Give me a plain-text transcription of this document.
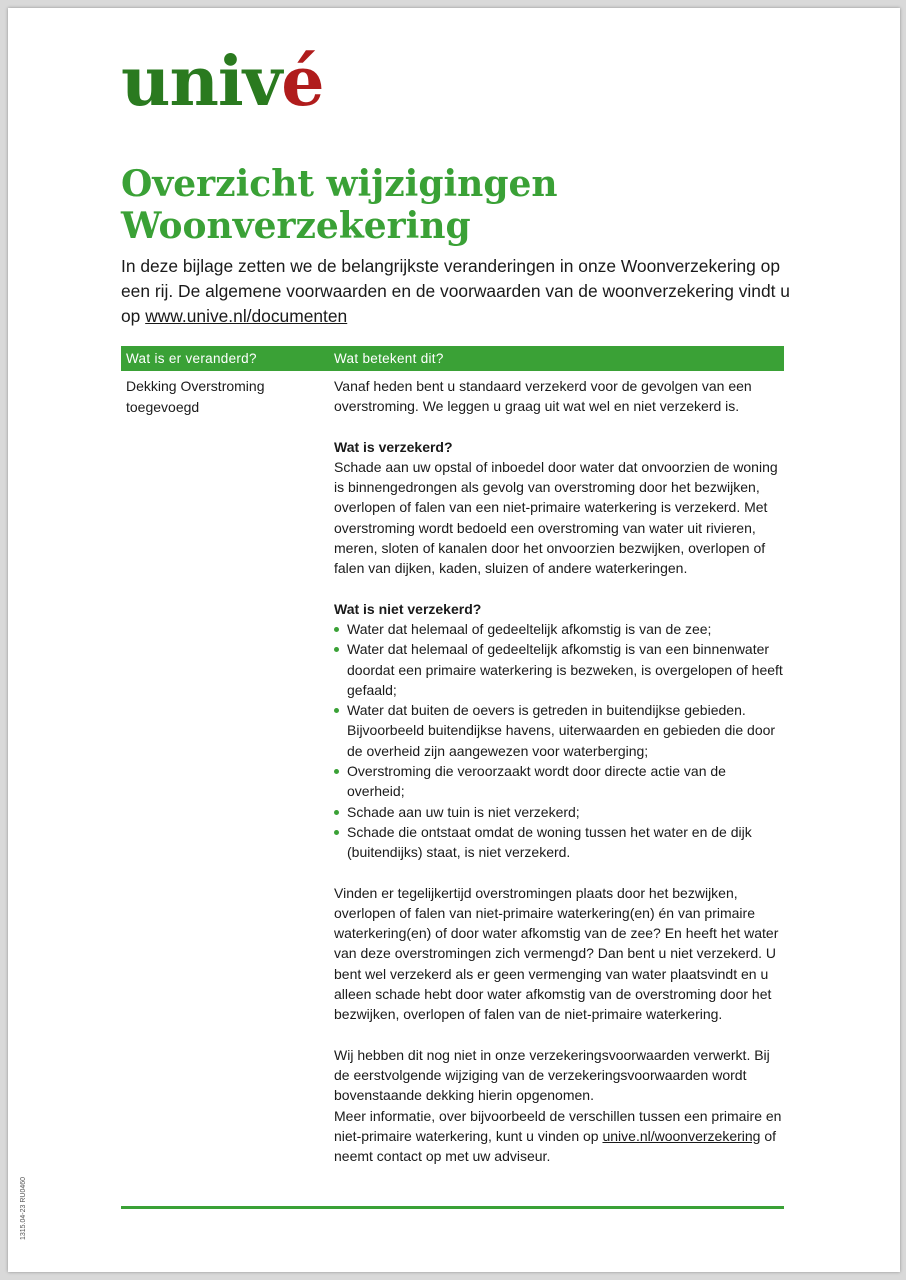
univé
Overzicht wijzigingen Woonverzekering

In deze bijlage zetten we de belangrijkste veranderingen in onze Woonverzekering op een rij. De algemene voorwaarden en de voorwaarden van de woonverzekering vindt u op www.unive.nl/documenten

Wat is er veranderd?	Wat betekent dit?
Dekking Overstroming toegevoegd

Vanaf heden bent u standaard verzekerd voor de gevolgen van een overstroming. We leggen u graag uit wat wel en niet verzekerd is.

Wat is verzekerd?

Schade aan uw opstal of inboedel door water dat onvoorzien de woning is binnengedrongen als gevolg van overstroming door het bezwijken, overlopen of falen van een niet-primaire waterkering is verzekerd. Met overstroming wordt bedoeld een overstroming van water uit rivieren, meren, sloten of kanalen door het onvoorzien bezwijken, overlopen of falen van dijken, kaden, sluizen of andere waterkeringen.

Wat is niet verzekerd?

Water dat helemaal of gedeeltelijk afkomstig is van de zee;
Water dat helemaal of gedeeltelijk afkomstig is van een binnenwater doordat een primaire waterkering is bezweken, is overgelopen of heeft gefaald;
Water dat buiten de oevers is getreden in buitendijkse gebieden. Bijvoorbeeld buitendijkse havens, uiterwaarden en gebieden die door de overheid zijn aangewezen voor waterberging;
Overstroming die veroorzaakt wordt door directe actie van de overheid;
Schade aan uw tuin is niet verzekerd;
Schade die ontstaat omdat de woning tussen het water en de dijk (buitendijks) staat, is niet verzekerd.

Vinden er tegelijkertijd overstromingen plaats door het bezwijken, overlopen of falen van niet-primaire waterkering(en) én van primaire waterkering(en) of door water afkomstig van de zee? En heeft het water van deze overstromingen zich vermengd? Dan bent u niet verzekerd. U bent wel verzekerd als er geen vermenging van water plaatsvindt en u alleen schade hebt door water afkomstig van de overstroming door het bezwijken, overlopen of falen van de niet-primaire waterkering.

Wij hebben dit nog niet in onze verzekeringsvoorwaarden verwerkt. Bij de eerstvolgende wijziging van de verzekeringsvoorwaarden wordt bovenstaande dekking hierin opgenomen.

Meer informatie, over bijvoorbeeld de verschillen tussen een primaire en niet-primaire waterkering, kunt u vinden op unive.nl/woonverzekering of neemt contact op met uw adviseur.

1315.04-23 RU0460
